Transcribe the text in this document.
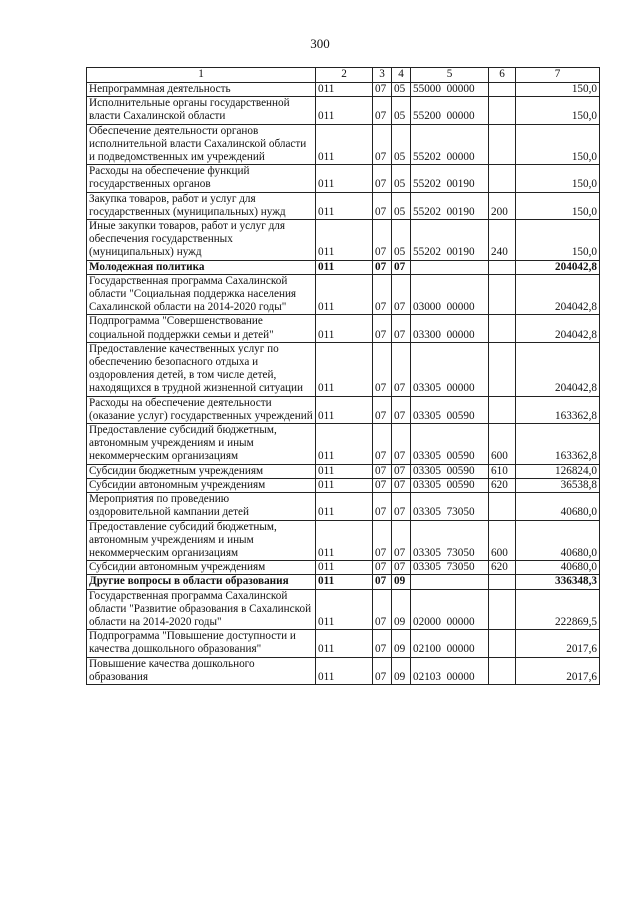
300
1	2	3	4	5	6	7
Непрограммная деятельность	011	07	05	55000  00000		150,0
Исполнительные органы государственной власти Сахалинской области	011	07	05	55200  00000		150,0
Обеспечение деятельности органов исполнительной власти Сахалинской области и подведомственных им учреждений	011	07	05	55202  00000		150,0
Расходы на обеспечение функций государственных органов	011	07	05	55202  00190		150,0
Закупка товаров, работ и услуг для государственных (муниципальных) нужд	011	07	05	55202  00190	200	150,0
Иные закупки товаров, работ и услуг для обеспечения государственных (муниципальных) нужд	011	07	05	55202  00190	240	150,0
Молодежная политика	011	07	07			204042,8
Государственная программа Сахалинской области "Социальная поддержка населения Сахалинской области на 2014-2020 годы"	011	07	07	03000  00000		204042,8
Подпрограмма "Совершенствование социальной поддержки семьи и детей"	011	07	07	03300  00000		204042,8
Предоставление качественных услуг по обеспечению безопасного отдыха и оздоровления детей, в том числе детей, находящихся в трудной жизненной ситуации	011	07	07	03305  00000		204042,8
Расходы на обеспечение деятельности (оказание услуг) государственных учреждений	011	07	07	03305  00590		163362,8
Предоставление субсидий бюджетным, автономным учреждениям и иным некоммерческим организациям	011	07	07	03305  00590	600	163362,8
Субсидии бюджетным учреждениям	011	07	07	03305  00590	610	126824,0
Субсидии автономным учреждениям	011	07	07	03305  00590	620	36538,8
Мероприятия по проведению оздоровительной кампании детей	011	07	07	03305  73050		40680,0
Предоставление субсидий бюджетным, автономным учреждениям и иным некоммерческим организациям	011	07	07	03305  73050	600	40680,0
Субсидии автономным учреждениям	011	07	07	03305  73050	620	40680,0
Другие вопросы в области образования	011	07	09			336348,3
Государственная программа Сахалинской области "Развитие образования в Сахалинской области на 2014-2020 годы"	011	07	09	02000  00000		222869,5
Подпрограмма "Повышение доступности и качества дошкольного образования"	011	07	09	02100  00000		2017,6
Повышение качества дошкольного образования	011	07	09	02103  00000		2017,6
